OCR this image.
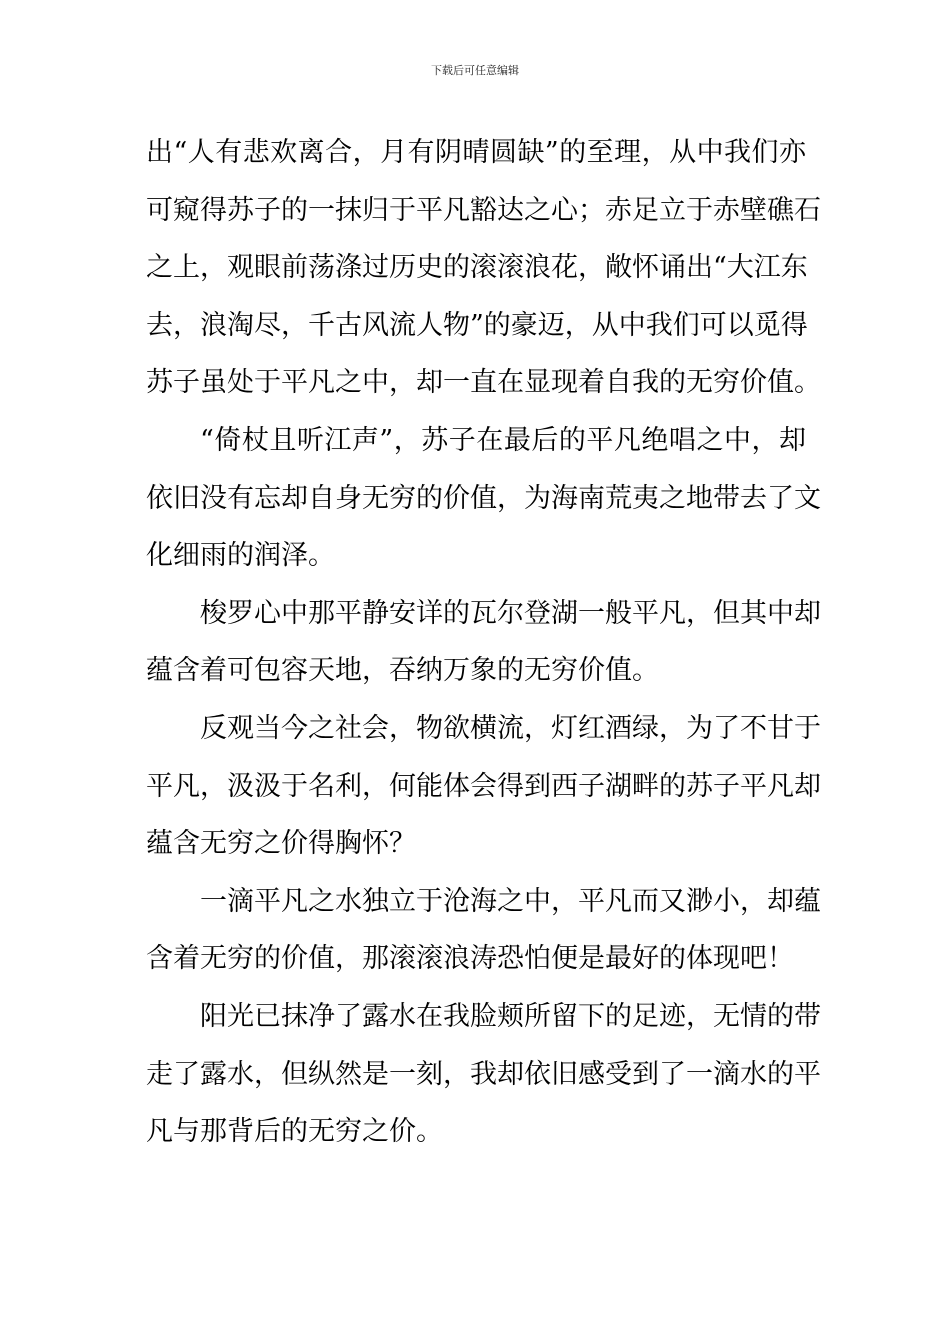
下载后可任意编辑
出“人有悲欢离合，月有阴晴圆缺”的至理，从中我们亦
可窥得苏子的一抹归于平凡豁达之心；赤足立于赤壁礁石
之上，观眼前荡涤过历史的滚滚浪花，敞怀诵出“大江东
去，浪淘尽，千古风流人物”的豪迈，从中我们可以觅得
苏子虽处于平凡之中，却一直在显现着自我的无穷价值。
“倚杖且听江声”，苏子在最后的平凡绝唱之中，却
依旧没有忘却自身无穷的价值，为海南荒夷之地带去了文
化细雨的润泽。
梭罗心中那平静安详的瓦尔登湖一般平凡，但其中却
蕴含着可包容天地，吞纳万象的无穷价值。
反观当今之社会，物欲横流，灯红酒绿，为了不甘于
平凡，汲汲于名利，何能体会得到西子湖畔的苏子平凡却
蕴含无穷之价得胸怀？
一滴平凡之水独立于沧海之中，平凡而又渺小，却蕴
含着无穷的价值，那滚滚浪涛恐怕便是最好的体现吧！
阳光已抹净了露水在我脸颊所留下的足迹，无情的带
走了露水，但纵然是一刻，我却依旧感受到了一滴水的平
凡与那背后的无穷之价。
